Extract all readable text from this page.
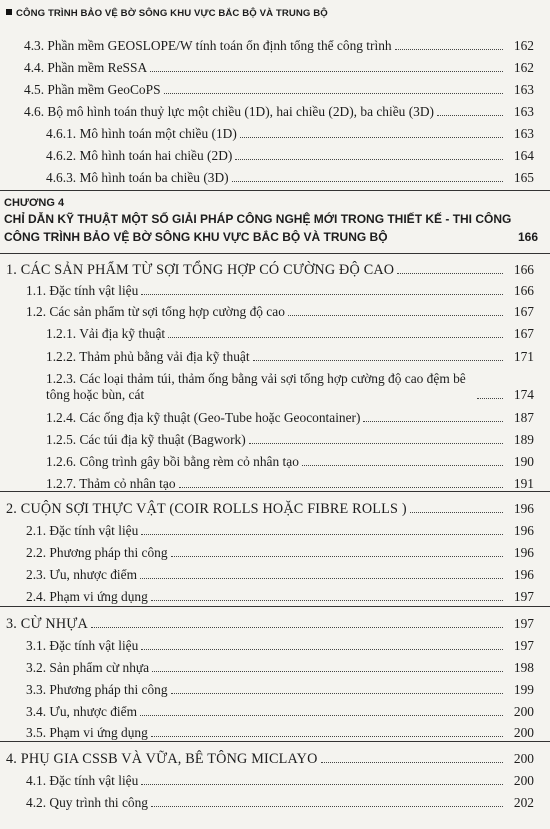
CÔNG TRÌNH BẢO VỆ BỜ SÔNG KHU VỰC BẮC BỘ VÀ TRUNG BỘ
4.3. Phần mềm GEOSLOPE/W tính toán ổn định tổng thể công trình	162
4.4. Phần mềm ReSSA	162
4.5. Phần mềm GeoCoPS	163
4.6. Bộ mô hình toán thuỷ lực một chiều (1D), hai chiều (2D), ba chiều (3D)	163
4.6.1. Mô hình toán một chiều (1D)	163
4.6.2. Mô hình toán hai chiều (2D)	164
4.6.3. Mô hình toán ba chiều (3D)	165
CHƯƠNG 4
CHỈ DẪN KỸ THUẬT MỘT SỐ GIẢI PHÁP CÔNG NGHỆ MỚI TRONG THIẾT KẾ - THI CÔNG
CÔNG TRÌNH BẢO VỆ BỜ SÔNG KHU VỰC BẮC BỘ VÀ TRUNG BỘ	166
1. CÁC SẢN PHẨM TỪ SỢI TỔNG HỢP CÓ CƯỜNG ĐỘ CAO	166
1.1. Đặc tính vật liệu	166
1.2. Các sản phẩm từ sợi tổng hợp cường độ cao	167
1.2.1. Vải địa kỹ thuật	167
1.2.2. Thảm phủ bằng vải địa kỹ thuật	171
1.2.3. Các loại thảm túi, thảm ống bằng vải sợi tổng hợp cường độ cao đệm bê tông hoặc bùn, cát	174
1.2.4. Các ống địa kỹ thuật (Geo-Tube hoặc Geocontainer)	187
1.2.5. Các túi địa kỹ thuật (Bagwork)	189
1.2.6. Công trình gây bồi bằng rèm cỏ nhân tạo	190
1.2.7. Thảm cỏ nhân tạo	191
2. CUỘN SỢI THỰC VẬT (COIR ROLLS HOẶC FIBRE ROLLS )	196
2.1. Đặc tính vật liệu	196
2.2. Phương pháp thi công	196
2.3. Ưu, nhược điểm	196
2.4. Phạm vi ứng dụng	197
3. CỪ NHỰA	197
3.1. Đặc tính vật liệu	197
3.2. Sản phẩm cừ nhựa	198
3.3. Phương pháp thi công	199
3.4. Ưu, nhược điểm	200
3.5. Phạm vi ứng dụng	200
4. PHỤ GIA CSSB VÀ VỮA, BÊ TÔNG MICLAYO	200
4.1. Đặc tính vật liệu	200
4.2. Quy trình thi công	202
